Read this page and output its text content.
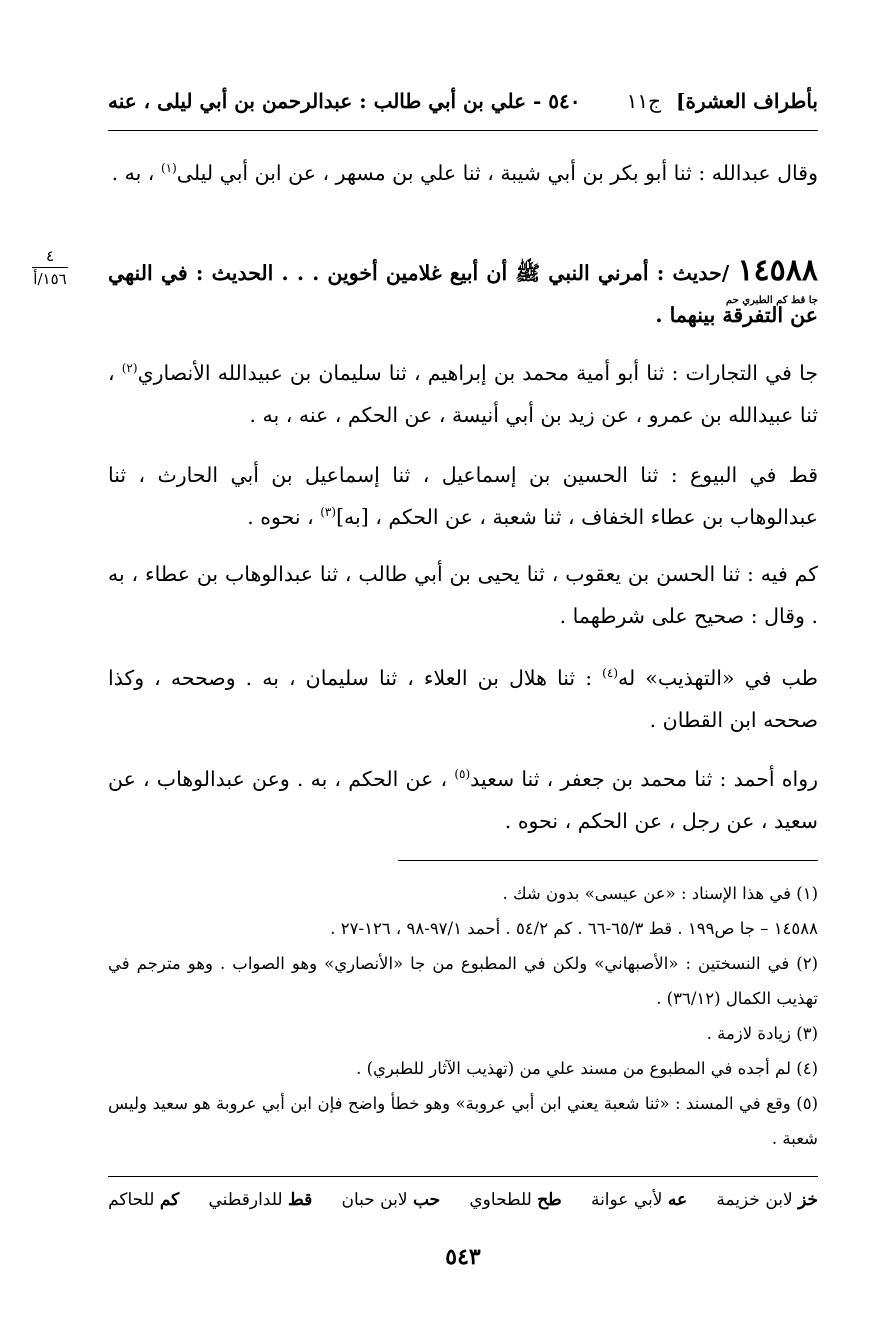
بأطراف العشرة] ج١١
٥٤٠ - علي بن أبي طالب : عبدالرحمن بن أبي ليلى ، عنه
وقال عبدالله : ثنا أبو بكر بن أبي شيبة ، ثنا علي بن مسهر ، عن ابن أبي ليلى$^{(١)}$ ، به .
١٤٥٨٨ /حديث : أمرني النبي ﷺ أن أبيع غلامين أخوين . . . الحديث : في النهي عن التفرقة بينهما .
جا قط كم الطبري حم
جا في التجارات : ثنا أبو أمية محمد بن إبراهيم ، ثنا سليمان بن عبيدالله الأنصاري$^{(٢)}$ ، ثنا عبيدالله بن عمرو ، عن زيد بن أبي أنيسة ، عن الحكم ، عنه ، به .
قط في البيوع : ثنا الحسين بن إسماعيل ، ثنا إسماعيل بن أبي الحارث ، ثنا عبدالوهاب بن عطاء الخفاف ، ثنا شعبة ، عن الحكم ، [به]$^{(٣)}$ ، نحوه .
كم فيه : ثنا الحسن بن يعقوب ، ثنا يحيى بن أبي طالب ، ثنا عبدالوهاب بن عطاء ، به . وقال : صحيح على شرطهما .
طب في «التهذيب» له$^{(٤)}$ : ثنا هلال بن العلاء ، ثنا سليمان ، به . وصححه ، وكذا صححه ابن القطان .
رواه أحمد : ثنا محمد بن جعفر ، ثنا سعيد$^{(٥)}$ ، عن الحكم ، به . وعن عبدالوهاب ، عن سعيد ، عن رجل ، عن الحكم ، نحوه .
(١) في هذا الإسناد : «عن عيسى» بدون شك .
١٤٥٨٨ – جا ص١٩٩ . قط ٦٥/٣-٦٦ . كم ٥٤/٢ . أحمد ٩٧/١-٩٨ ، ١٢٦-٢٧ .
(٢) في النسختين : «الأصبهاني» ولكن في المطبوع من جا «الأنصاري» وهو الصواب . وهو مترجم في تهذيب الكمال (٣٦/١٢) .
(٣) زيادة لازمة .
(٤) لم أجده في المطبوع من مسند علي من (تهذيب الآثار للطبري) .
(٥) وقع في المسند : «ثنا شعبة يعني ابن أبي عروبة» وهو خطأ واضح فإن ابن أبي عروبة هو سعيد وليس شعبة .
خز لابن خزيمة
عه لأبي عوانة
طح للطحاوي
حب لابن حبان
قط للدارقطني
كم للحاكم
٥٤٣
٤
١٥٦/أ
